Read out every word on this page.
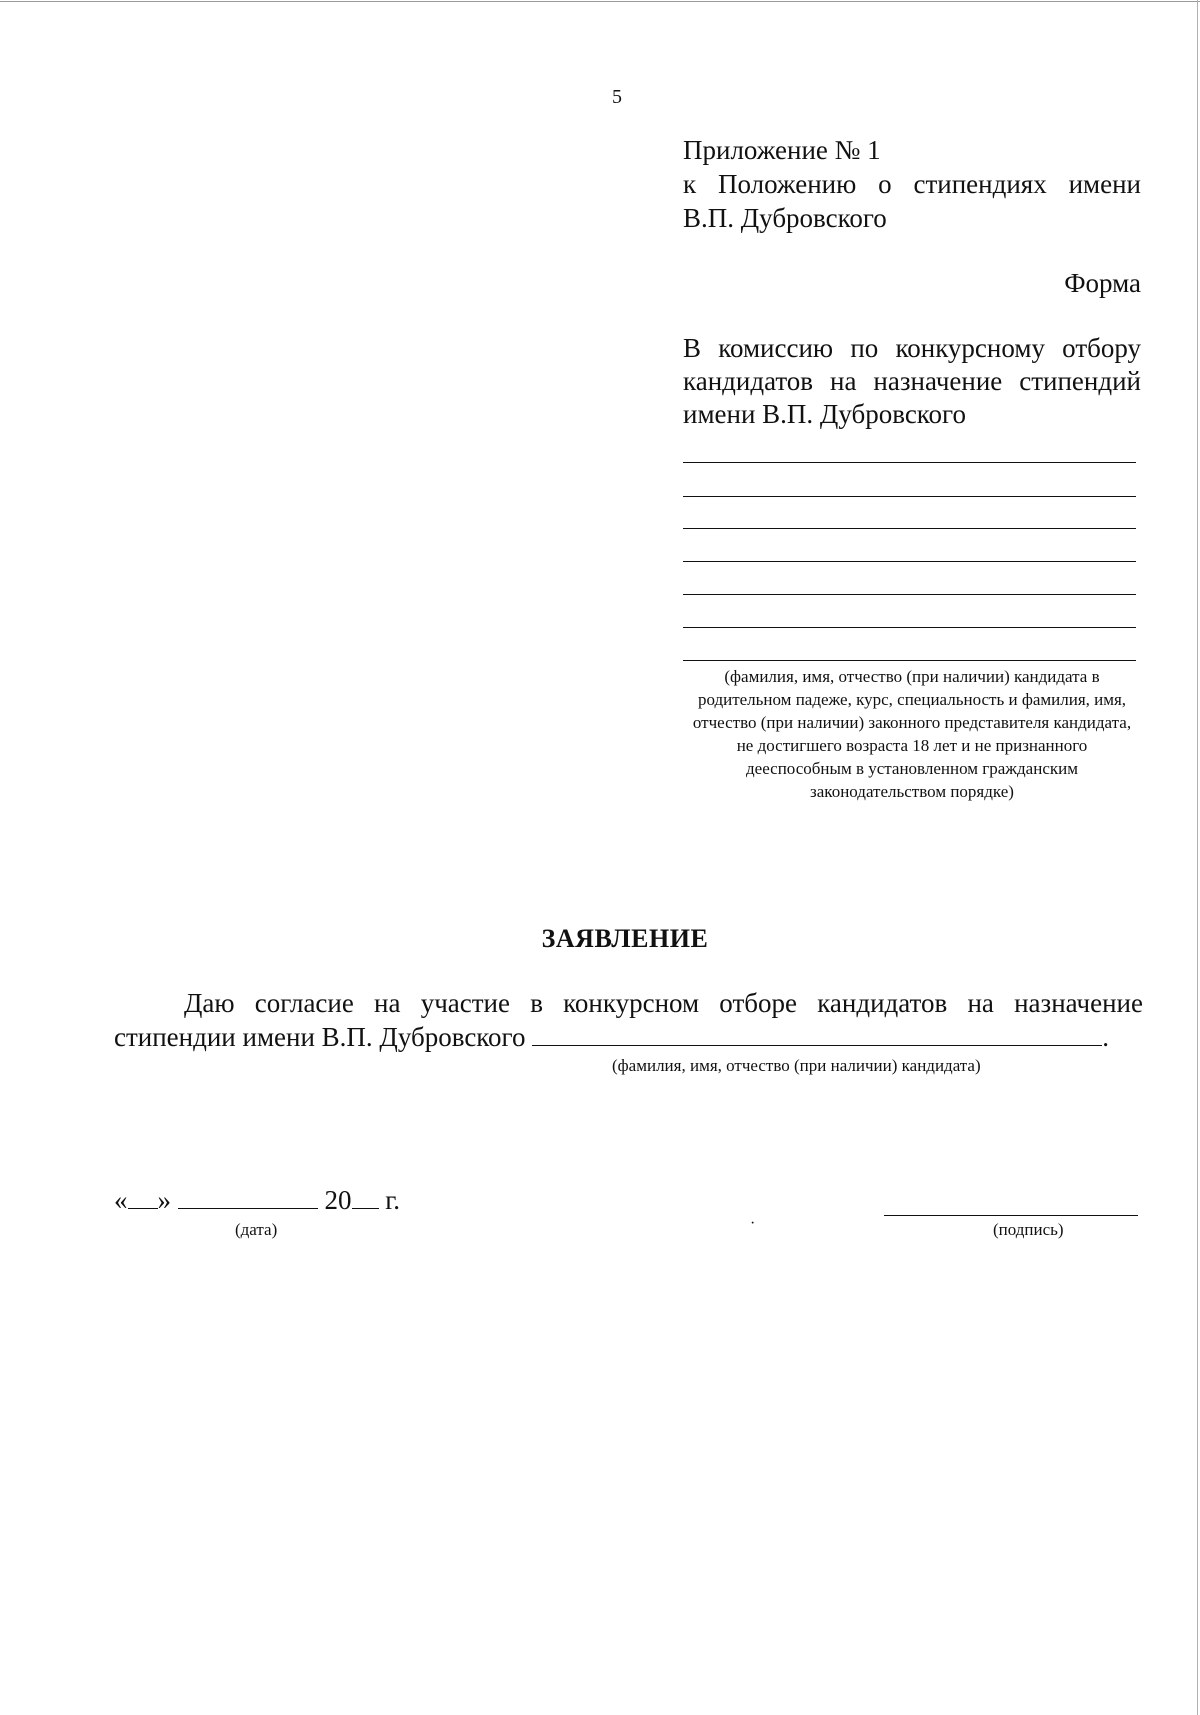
5
Приложение № 1
к Положению о стипендиях имени
В.П. Дубровского
Форма
В комиссию по конкурсному отбору
кандидатов на назначение стипендий
имени В.П. Дубровского
(фамилия, имя, отчество (при наличии) кандидата в родительном падеже, курс, специальность и фамилия, имя, отчество (при наличии) законного представителя кандидата, не достигшего возраста 18 лет и не признанного дееспособным в установленном гражданским законодательством порядке)
ЗАЯВЛЕНИЕ
Даю согласие на участие в конкурсном отборе кандидатов на назначение
стипендии имени В.П. Дубровского	.
(фамилия, имя, отчество (при наличии) кандидата)
« »	20 г.
(дата)	·	(подпись)
